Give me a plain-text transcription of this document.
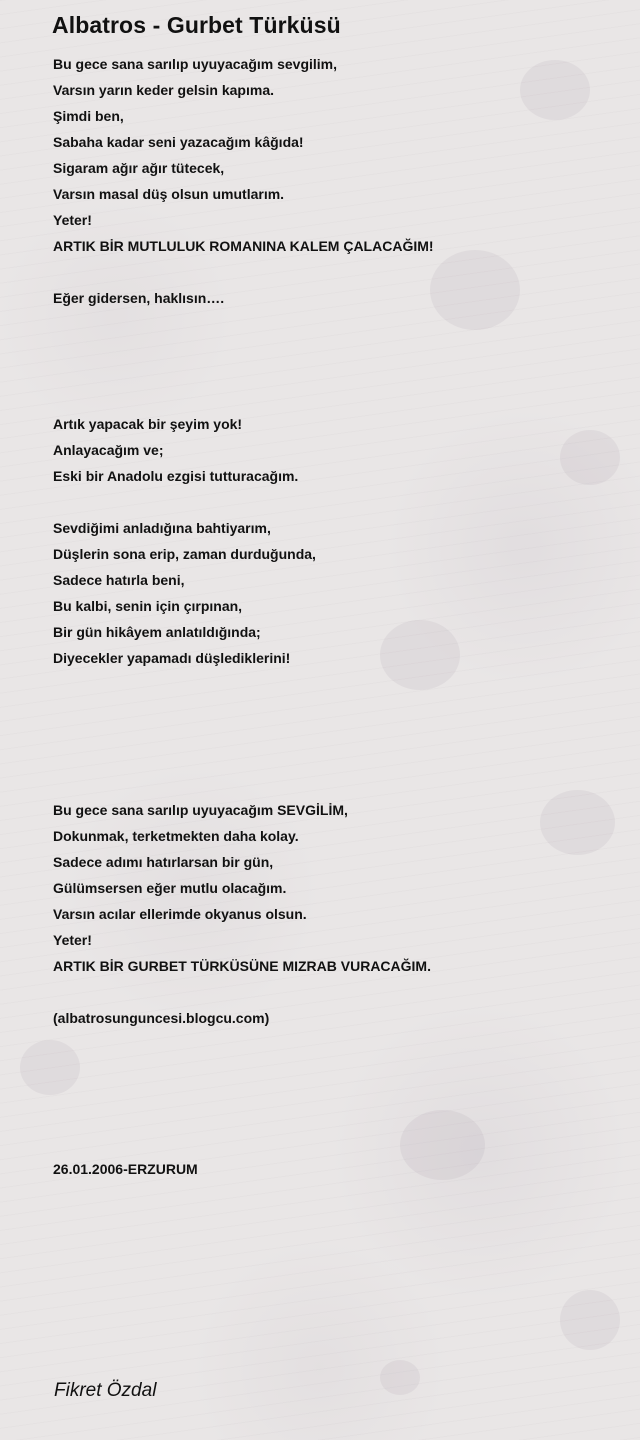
Albatros - Gurbet Türküsü

Bu gece sana sarılıp uyuyacağım sevgilim,

Varsın yarın keder gelsin kapıma.

Şimdi ben,

Sabaha kadar seni yazacağım kâğıda!

Sigaram ağır ağır tütecek,

Varsın masal düş olsun umutlarım.

Yeter!

ARTIK BİR MUTLULUK ROMANINA KALEM ÇALACAĞIM!

Eğer gidersen, haklısın….

Artık yapacak bir şeyim yok!

Anlayacağım ve;

Eski bir Anadolu ezgisi tutturacağım.

Sevdiğimi anladığına bahtiyarım,

Düşlerin sona erip, zaman durduğunda,

Sadece hatırla beni,

Bu kalbi, senin için çırpınan,

Bir gün hikâyem anlatıldığında;

Diyecekler yapamadı düşlediklerini!

Bu gece sana sarılıp uyuyacağım SEVGİLİM,

Dokunmak, terketmekten daha kolay.

Sadece adımı hatırlarsan bir gün,

Gülümsersen eğer mutlu olacağım.

Varsın acılar ellerimde okyanus olsun.

Yeter!

ARTIK BİR GURBET TÜRKÜSÜNE MIZRAB VURACAĞIM.

(albatrosunguncesi.blogcu.com)

26.01.2006-ERZURUM

Fikret Özdal
